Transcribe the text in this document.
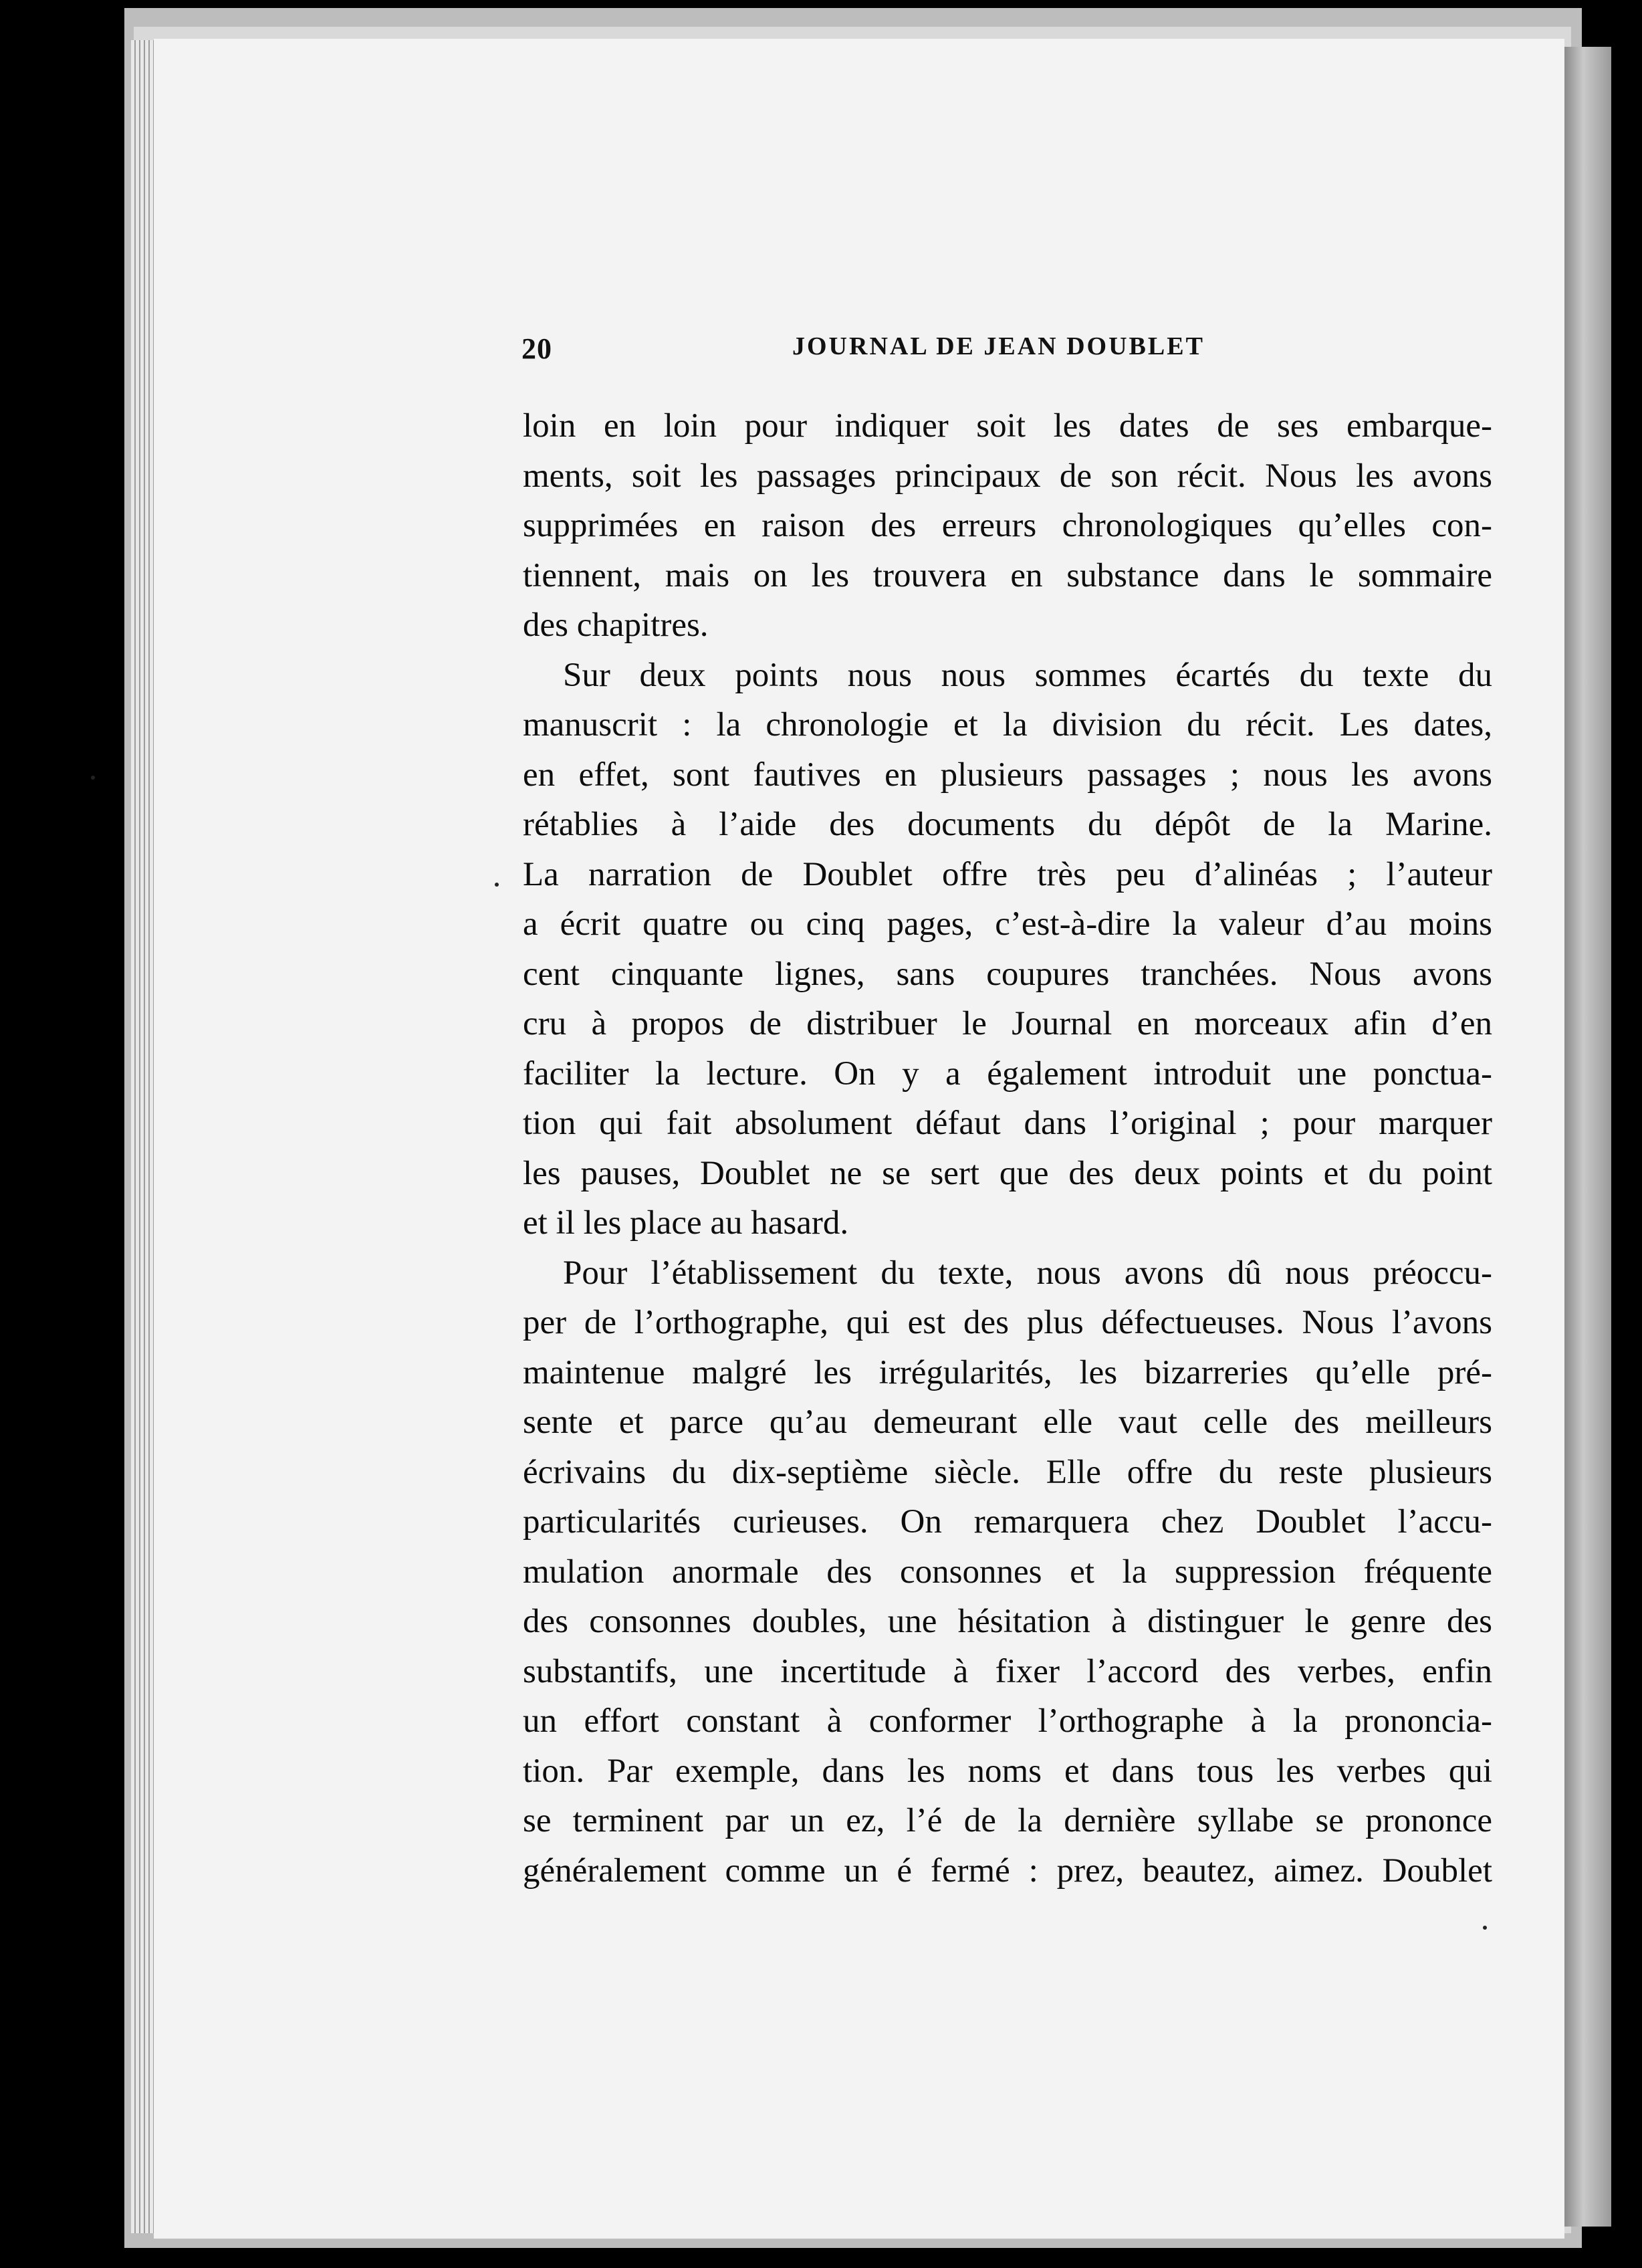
20	JOURNAL DE JEAN DOUBLET
loin en loin pour indiquer soit les dates de ses embarque-
ments, soit les passages principaux de son récit. Nous les avons
supprimées en raison des erreurs chronologiques qu’elles con-
tiennent, mais on les trouvera en substance dans le sommaire
des chapitres.
Sur deux points nous nous sommes écartés du texte du
manuscrit : la chronologie et la division du récit. Les dates,
en effet, sont fautives en plusieurs passages ; nous les avons
rétablies à l’aide des documents du dépôt de la Marine.
La narration de Doublet offre très peu d’alinéas ; l’auteur
a écrit quatre ou cinq pages, c’est-à-dire la valeur d’au moins
cent cinquante lignes, sans coupures tranchées. Nous avons
cru à propos de distribuer le Journal en morceaux afin d’en
faciliter la lecture. On y a également introduit une ponctua-
tion qui fait absolument défaut dans l’original ; pour marquer
les pauses, Doublet ne se sert que des deux points et du point
et il les place au hasard.
Pour l’établissement du texte, nous avons dû nous préoccu-
per de l’orthographe, qui est des plus défectueuses. Nous l’avons
maintenue malgré les irrégularités, les bizarreries qu’elle pré-
sente et parce qu’au demeurant elle vaut celle des meilleurs
écrivains du dix-septième siècle. Elle offre du reste plusieurs
particularités curieuses. On remarquera chez Doublet l’accu-
mulation anormale des consonnes et la suppression fréquente
des consonnes doubles, une hésitation à distinguer le genre des
substantifs, une incertitude à fixer l’accord des verbes, enfin
un effort constant à conformer l’orthographe à la prononcia-
tion. Par exemple, dans les noms et dans tous les verbes qui
se terminent par un ez, l’é de la dernière syllabe se prononce
généralement comme un é fermé : prez, beautez, aimez. Doublet
